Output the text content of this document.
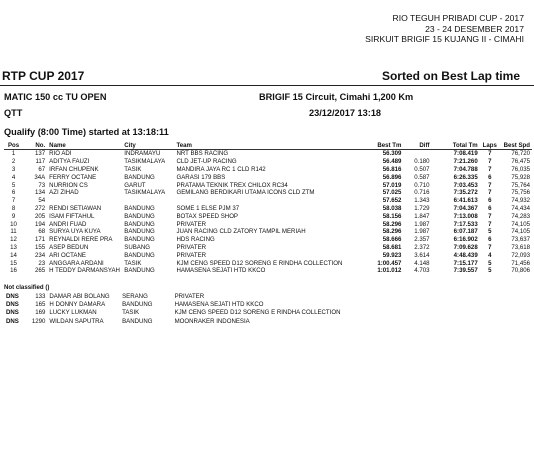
RIO TEGUH PRIBADI CUP - 2017
23 - 24 DESEMBER 2017
SIRKUIT BRIGIF 15 KUJANG II - CIMAHI
RTP CUP 2017	Sorted on Best Lap time
MATIC 150 cc TU OPEN	BRIGIF 15 Circuit, Cimahi 1,200 Km
QTT	23/12/2017 13:18
Qualify (8:00 Time) started at 13:18:11
Pos	No.	Name	City	Team	Best Tm	Diff	Total Tm	Laps	Best Spd
1	137	RIO ADI	INDRAMAYU	NRT BBS RACING	56.309		7:08.419	7	76,720
2	117	ADITYA FAUZI	TASIKMALAYA	CLD JET-UP RACING	56.489	0.180	7:21.260	7	76,475
3	67	IRFAN CHUPENK	TASIK	MANDIRA JAYA RC 1 CLD R142	56.816	0.507	7:04.788	7	76,035
4	34A	FERRY OCTANE	BANDUNG	GARASI 179 BBS	56.896	0.587	6:26.335	6	75,928
5	73	NURRION CS	GARUT	PRATAMA TEKNIK TREX CHILOX RC34	57.019	0.710	7:03.453	7	75,764
6	134	AZI ZIHAD	TASIKMALAYA	GEMILANG BERDIKARI UTAMA ICONS CLD ZTM	57.025	0.716	7:35.272	7	75,756
7	54				57.652	1.343	6:41.613	6	74,932
8	272	RENDI SETIAWAN	BANDUNG	SOME 1 ELSE PJM 37	58.038	1.729	7:04.367	6	74,434
9	205	ISAM FIFTAHUL	BANDUNG	BOTAX SPEED SHOP	58.156	1.847	7:13.008	7	74,283
10	194	ANDRI FUAD	BANDUNG	PRIVATER	58.296	1.987	7:17.533	7	74,105
11	68	SURYA UYA KUYA	BANDUNG	JUAN RACING CLD ZATORY TAMPIL MERIAH	58.296	1.987	6:07.187	5	74,105
12	171	REYNALDI RERE PRA	BANDUNG	HDS RACING	58.666	2.357	6:16.902	6	73,637
13	155	ASEP BEDUN	SUBANG	PRIVATER	58.681	2.372	7:09.628	7	73,618
14	234	ARI OCTANE	BANDUNG	PRIVATER	59.923	3.614	4:48.439	4	72,093
15	23	ANGGARA ARDANI	TASIK	KJM CENG SPEED D12 SORENG E RINDHA COLLECTION	1:00.457	4.148	7:15.177	5	71,456
16	265	H TEDDY DARMANSYAH	BANDUNG	HAMASENA SEJATI HTD KKCO	1:01.012	4.703	7:39.557	5	70,806
Not classified ()
DNS	133	DAMAR ABI BOLANG	SERANG	PRIVATER					
DNS	165	H DONNY DAMARA	BANDUNG	HAMASENA SEJATI HTD KKCO					
DNS	169	LUCKY LUKMAN	TASIK	KJM CENG SPEED D12 SORENG E RINDHA COLLECTION					
DNS	1290	WILDAN SAPUTRA	BANDUNG	MOONRAKER INDONESIA					
